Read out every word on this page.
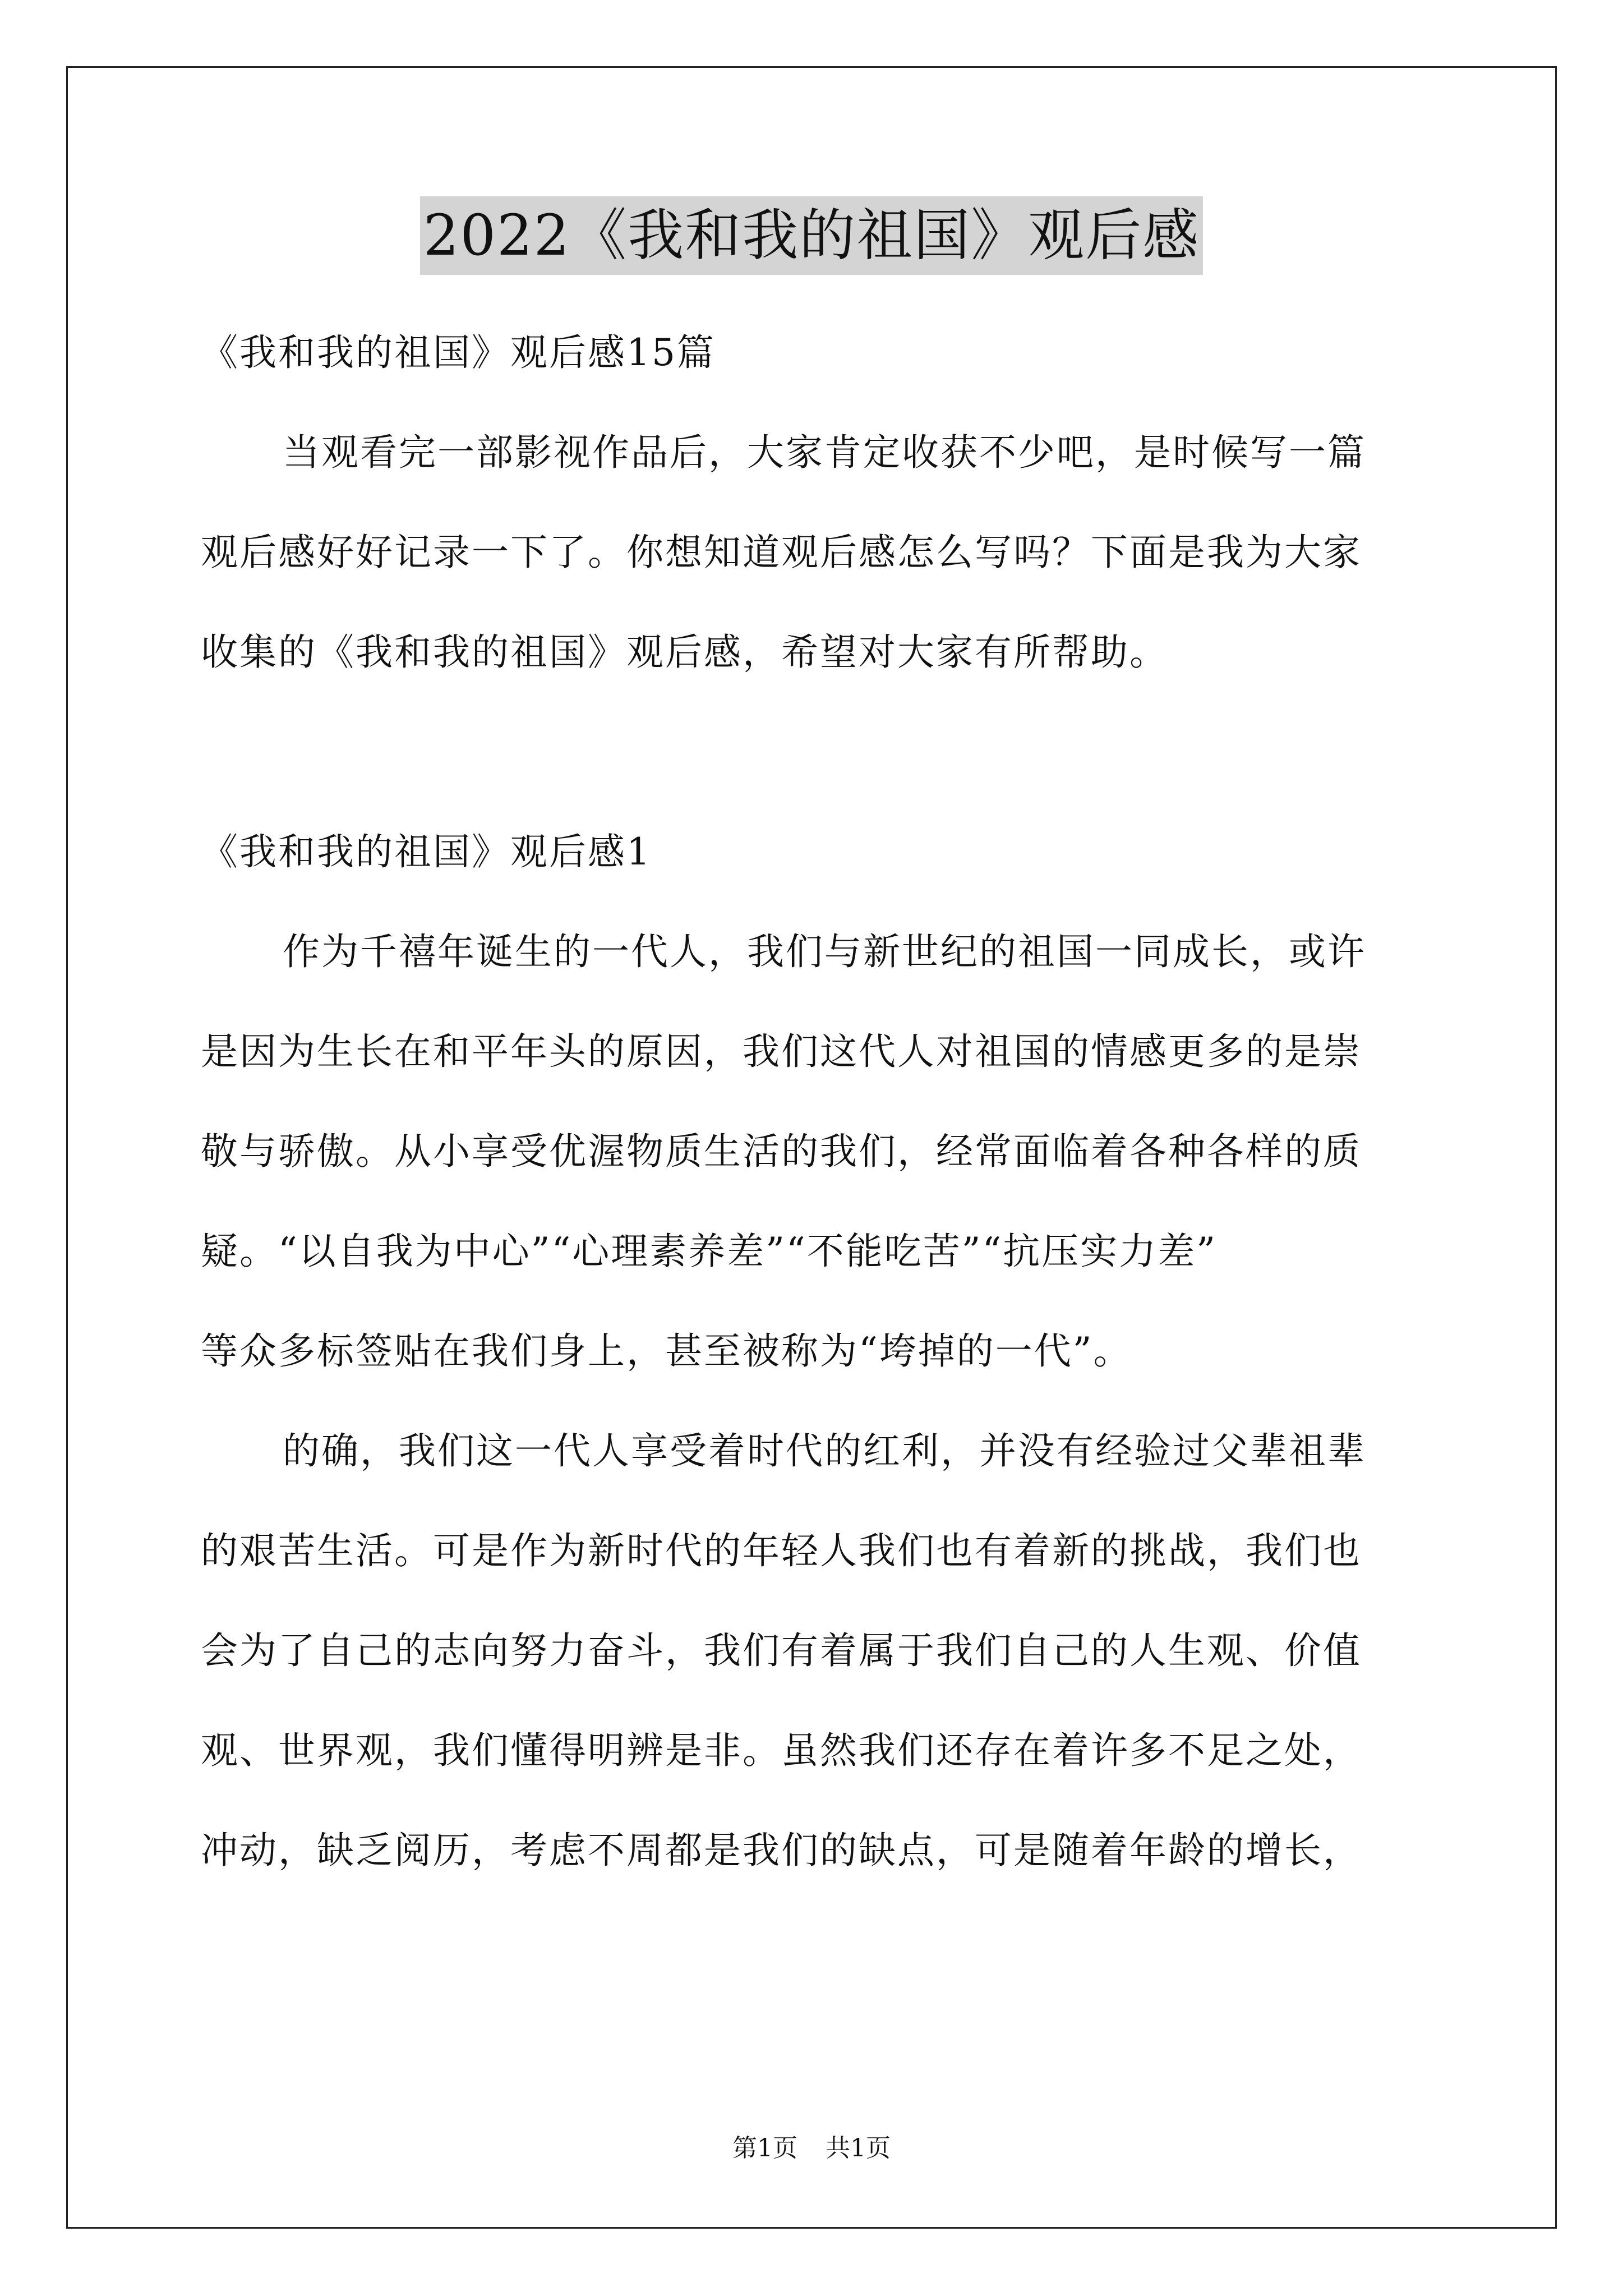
2022《我和我的祖国》观后感
《我和我的祖国》观后感15篇
当观看完一部影视作品后，大家肯定收获不少吧，是时候写一篇
观后感好好记录一下了。你想知道观后感怎么写吗？下面是我为大家
收集的《我和我的祖国》观后感，希望对大家有所帮助。
《我和我的祖国》观后感1
作为千禧年诞生的一代人，我们与新世纪的祖国一同成长，或许
是因为生长在和平年头的原因，我们这代人对祖国的情感更多的是崇
敬与骄傲。从小享受优渥物质生活的我们，经常面临着各种各样的质
疑。“以自我为中心”“心理素养差”“不能吃苦”“抗压实力差”
等众多标签贴在我们身上，甚至被称为“垮掉的一代”。
的确，我们这一代人享受着时代的红利，并没有经验过父辈祖辈
的艰苦生活。可是作为新时代的年轻人我们也有着新的挑战，我们也
会为了自己的志向努力奋斗，我们有着属于我们自己的人生观、价值
观、世界观，我们懂得明辨是非。虽然我们还存在着许多不足之处，
冲动，缺乏阅历，考虑不周都是我们的缺点，可是随着年龄的增长，
第1页 共1页
